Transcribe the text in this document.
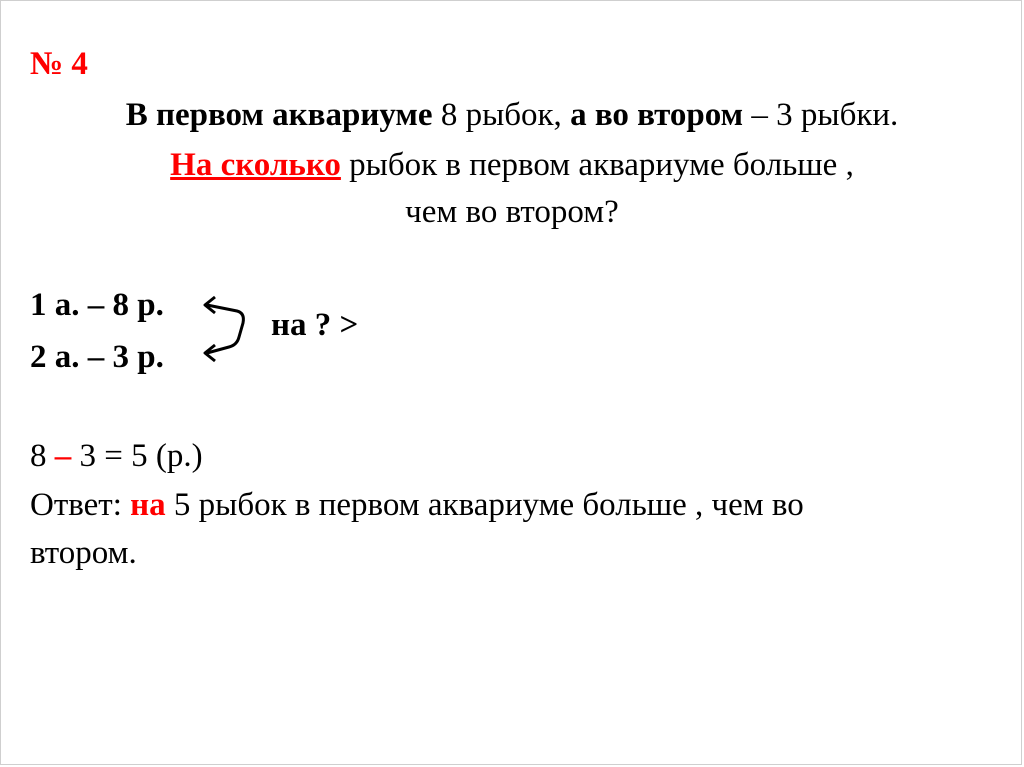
№ 4
В первом аквариуме 8 рыбок, а во втором – 3 рыбки.
На сколько рыбок в первом аквариуме больше ,
чем во втором?
1 а. – 8 р.
2 а. – 3 р.
на ? >
8 – 3 = 5 (р.)
Ответ: на 5 рыбок в первом аквариуме больше , чем во
втором.
